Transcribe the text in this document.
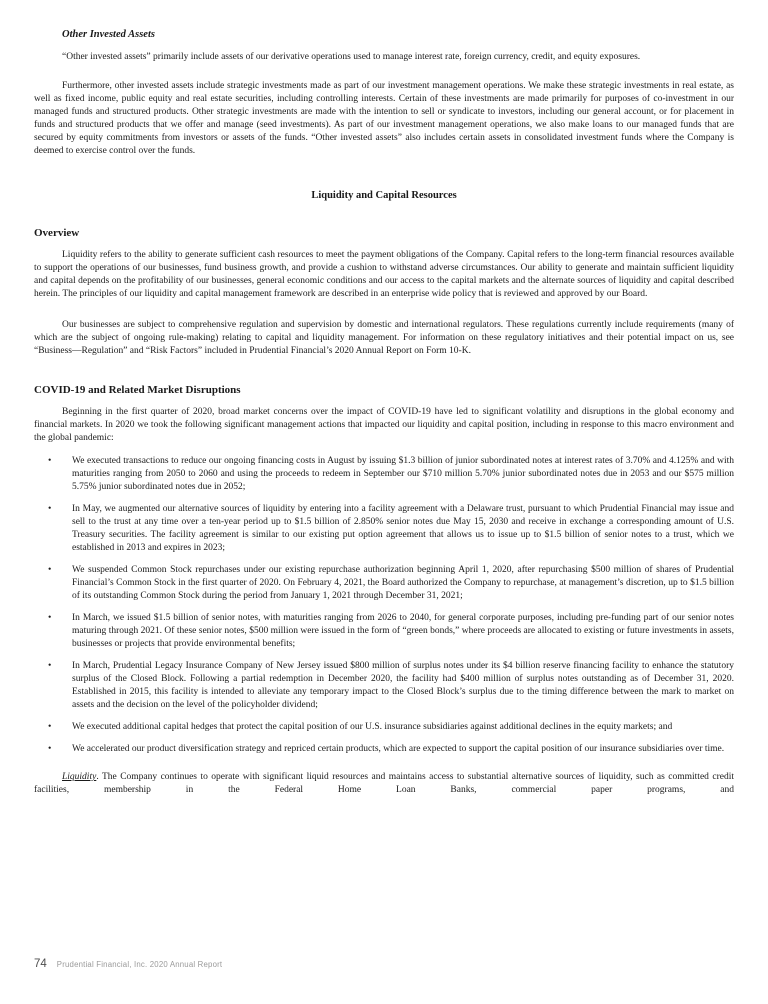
Other Invested Assets

“Other invested assets” primarily include assets of our derivative operations used to manage interest rate, foreign currency, credit, and equity exposures.

Furthermore, other invested assets include strategic investments made as part of our investment management operations. We make these strategic investments in real estate, as well as fixed income, public equity and real estate securities, including controlling interests. Certain of these investments are made primarily for purposes of co-investment in our managed funds and structured products. Other strategic investments are made with the intention to sell or syndicate to investors, including our general account, or for placement in funds and structured products that we offer and manage (seed investments). As part of our investment management operations, we also make loans to our managed funds that are secured by equity commitments from investors or assets of the funds. “Other invested assets” also includes certain assets in consolidated investment funds where the Company is deemed to exercise control over the funds.

Liquidity and Capital Resources
Overview

Liquidity refers to the ability to generate sufficient cash resources to meet the payment obligations of the Company. Capital refers to the long-term financial resources available to support the operations of our businesses, fund business growth, and provide a cushion to withstand adverse circumstances. Our ability to generate and maintain sufficient liquidity and capital depends on the profitability of our businesses, general economic conditions and our access to the capital markets and the alternate sources of liquidity and capital described herein. The principles of our liquidity and capital management framework are described in an enterprise wide policy that is reviewed and approved by our Board.

Our businesses are subject to comprehensive regulation and supervision by domestic and international regulators. These regulations currently include requirements (many of which are the subject of ongoing rule-making) relating to capital and liquidity management. For information on these regulatory initiatives and their potential impact on us, see “Business—Regulation” and “Risk Factors” included in Prudential Financial’s 2020 Annual Report on Form 10-K.

COVID-19 and Related Market Disruptions

Beginning in the first quarter of 2020, broad market concerns over the impact of COVID-19 have led to significant volatility and disruptions in the global economy and financial markets. In 2020 we took the following significant management actions that impacted our liquidity and capital position, including in response to this macro environment and the global pandemic:

• We executed transactions to reduce our ongoing financing costs in August by issuing $1.3 billion of junior subordinated notes at interest rates of 3.70% and 4.125% and with maturities ranging from 2050 to 2060 and using the proceeds to redeem in September our $710 million 5.70% junior subordinated notes due in 2053 and our $575 million 5.75% junior subordinated notes due in 2052;
• In May, we augmented our alternative sources of liquidity by entering into a facility agreement with a Delaware trust, pursuant to which Prudential Financial may issue and sell to the trust at any time over a ten-year period up to $1.5 billion of 2.850% senior notes due May 15, 2030 and receive in exchange a corresponding amount of U.S. Treasury securities. The facility agreement is similar to our existing put option agreement that allows us to issue up to $1.5 billion of senior notes to a trust, which we established in 2013 and expires in 2023;
• We suspended Common Stock repurchases under our existing repurchase authorization beginning April 1, 2020, after repurchasing $500 million of shares of Prudential Financial’s Common Stock in the first quarter of 2020. On February 4, 2021, the Board authorized the Company to repurchase, at management’s discretion, up to $1.5 billion of its outstanding Common Stock during the period from January 1, 2021 through December 31, 2021;
• In March, we issued $1.5 billion of senior notes, with maturities ranging from 2026 to 2040, for general corporate purposes, including pre-funding part of our senior notes maturing through 2021. Of these senior notes, $500 million were issued in the form of “green bonds,” where proceeds are allocated to existing or future investments in assets, businesses or projects that provide environmental benefits;
• In March, Prudential Legacy Insurance Company of New Jersey issued $800 million of surplus notes under its $4 billion reserve financing facility to enhance the statutory surplus of the Closed Block. Following a partial redemption in December 2020, the facility had $400 million of surplus notes outstanding as of December 31, 2020. Established in 2015, this facility is intended to alleviate any temporary impact to the Closed Block’s surplus due to the timing difference between the mark to market on assets and the decision on the level of the policyholder dividend;
• We executed additional capital hedges that protect the capital position of our U.S. insurance subsidiaries against additional declines in the equity markets; and
• We accelerated our product diversification strategy and repriced certain products, which are expected to support the capital position of our insurance subsidiaries over time.

Liquidity. The Company continues to operate with significant liquid resources and maintains access to substantial alternative sources of liquidity, such as committed credit facilities, membership in the Federal Home Loan Banks, commercial paper programs, and

74 Prudential Financial, Inc. 2020 Annual Report
